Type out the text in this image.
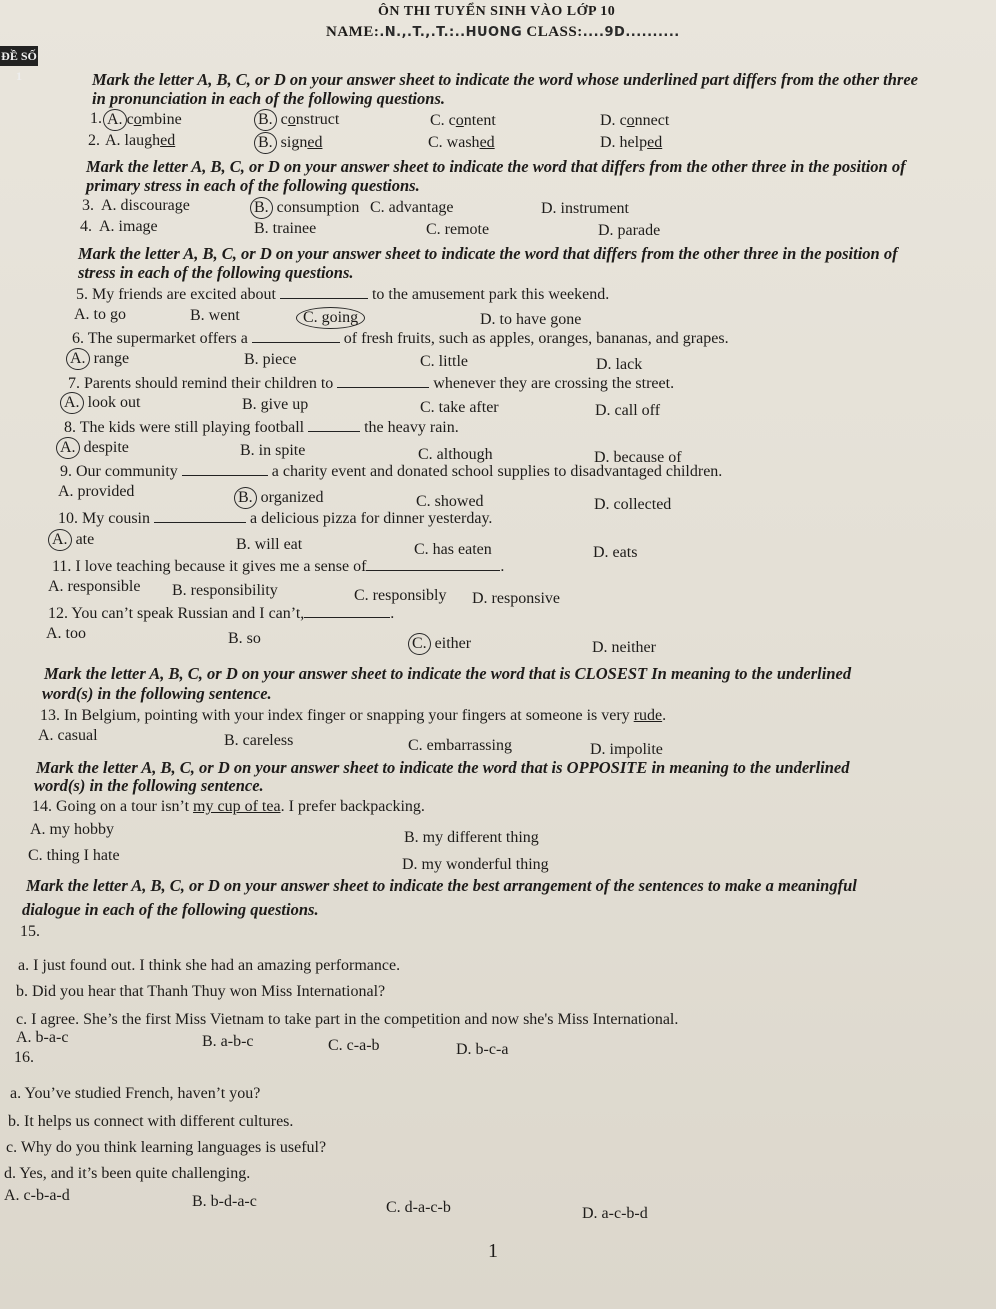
ÔN THI TUYỂN SINH VÀO LỚP 10
NAME:.N.,.T.,.T.:..HUONG CLASS:....9D..........
ĐỀ SỐ 1	Mark the letter A, B, C, or D on your answer sheet to indicate the word whose underlined part differs from the other three
in pronunciation in each of the following questions.
1. A.combine	B. construct	C. content	D. connect
2. A. laughed	B. signed	C. washed	D. helped
Mark the letter A, B, C, or D on your answer sheet to indicate the word that differs from the other three in the position of
primary stress in each of the following questions.
3. A. discourage	B. consumption C. advantage	D. instrument
4. A. image	B. trainee	C. remote	D. parade
Mark the letter A, B, C, or D on your answer sheet to indicate the word that differs from the other three in the position of
stress in each of the following questions.
5. My friends are excited about	to the amusement park this weekend.
A. to go	B. went	C. going	D. to have gone
6. The supermarket offers a	of fresh fruits, such as apples, oranges, bananas, and grapes.
A. range	B. piece	C. little	D. lack
7. Parents should remind their children to	whenever they are crossing the street.
A. look out	B. give up	C. take after	D. call off
8. The kids were still playing football	the heavy rain.
A. despite	B. in spite	C. although	D. because of
9. Our community	a charity event and donated school supplies to disadvantaged children.
A. provided	B. organized	C. showed	D. collected
10. My cousin	a delicious pizza for dinner yesterday.
A. ate	B. will eat	C. has eaten	D. eats
11. I love teaching because it gives me a sense of	.
A. responsible B. responsibility	C. responsibly D. responsive
12. You can’t speak Russian and I can’t,	.
A. too	B. so	C. either	D. neither
Mark the letter A, B, C, or D on your answer sheet to indicate the word that is CLOSEST In meaning to the underlined
word(s) in the following sentence.
13. In Belgium, pointing with your index finger or snapping your fingers at someone is very rude.
A. casual	B. careless	C. embarrassing	D. impolite
Mark the letter A, B, C, or D on your answer sheet to indicate the word that is OPPOSITE in meaning to the underlined
word(s) in the following sentence.
14. Going on a tour isn’t my cup of tea. I prefer backpacking.
A. my hobby	B. my different thing
C. thing I hate
D. my wonderful thing
Mark the letter A, B, C, or D on your answer sheet to indicate the best arrangement of the sentences to make a meaningful
dialogue in each of the following questions.
15.
a. I just found out. I think she had an amazing performance.
b. Did you hear that Thanh Thuy won Miss International?
c. I agree. She’s the first Miss Vietnam to take part in the competition and now she's Miss International.
A. b-a-c	B. a-b-c	C. c-a-b	D. b-c-a
16.
a. You’ve studied French, haven’t you?
b. It helps us connect with different cultures.
c. Why do you think learning languages is useful?
d. Yes, and it’s been quite challenging.
A. c-b-a-d	B. b-d-a-c	C. d-a-c-b	D. a-c-b-d
1
